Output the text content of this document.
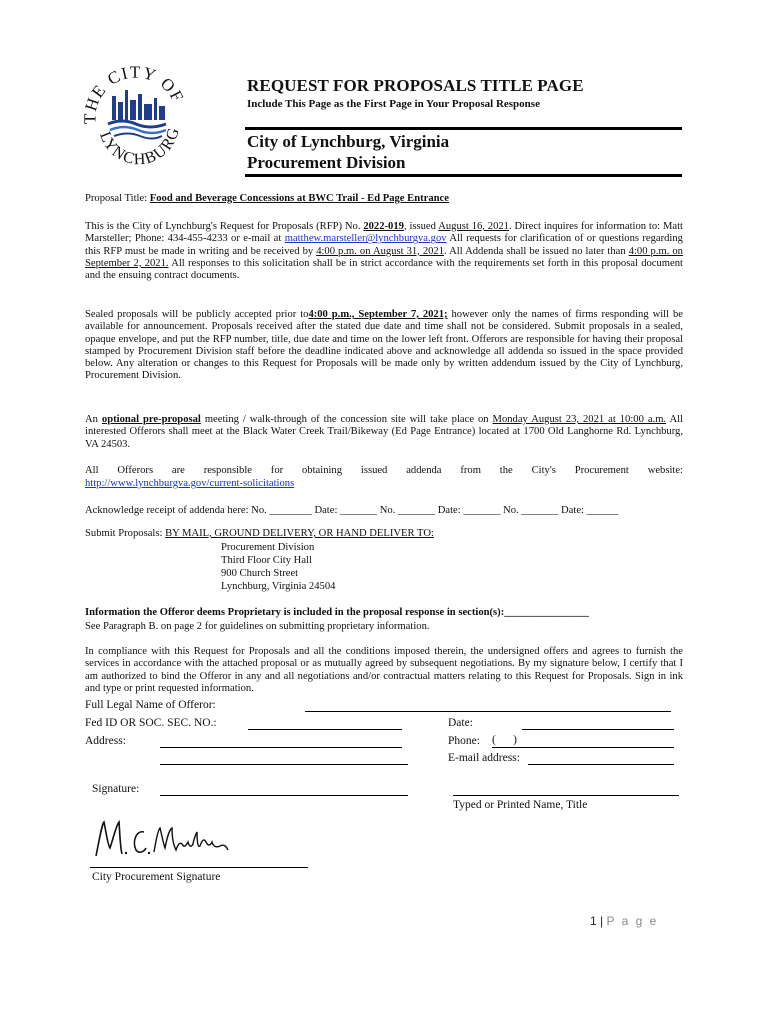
THE CITY OF
LYNCHBURG
REQUEST FOR PROPOSALS TITLE PAGE
Include This Page as the First Page in Your Proposal Response
City of Lynchburg, Virginia
Procurement Division
Proposal Title: Food and Beverage Concessions at BWC Trail - Ed Page Entrance
This is the City of Lynchburg's Request for Proposals (RFP) No. 2022-019, issued August 16, 2021. Direct inquires for information to: Matt Marsteller; Phone: 434-455-4233 or e-mail at matthew.marsteller@lynchburgva.gov All requests for clarification of or questions regarding this RFP must be made in writing and be received by 4:00 p.m. on August 31, 2021. All Addenda shall be issued no later than 4:00 p.m. on September 2, 2021. All responses to this solicitation shall be in strict accordance with the requirements set forth in this proposal document and the ensuing contract documents.
Sealed proposals will be publicly accepted prior to4:00 p.m., September 7, 2021; however only the names of firms responding will be available for announcement. Proposals received after the stated due date and time shall not be considered. Submit proposals in a sealed, opaque envelope, and put the RFP number, title, due date and time on the lower left front. Offerors are responsible for having their proposal stamped by Procurement Division staff before the deadline indicated above and acknowledge all addenda so issued in the space provided below. Any alteration or changes to this Request for Proposals will be made only by written addendum issued by the City of Lynchburg, Procurement Division.
An optional pre-proposal meeting / walk-through of the concession site will take place on Monday August 23, 2021 at 10:00 a.m. All interested Offerors shall meet at the Black Water Creek Trail/Bikeway (Ed Page Entrance) located at 1700 Old Langhorne Rd. Lynchburg, VA 24503.
All Offerors are responsible for obtaining issued addenda from the City's Procurement website:
http://www.lynchburgva.gov/current-solicitations
Acknowledge receipt of addenda here: No. ________ Date: _______ No. _______ Date: _______ No. _______ Date: ______
Submit Proposals: BY MAIL, GROUND DELIVERY, OR HAND DELIVER TO:
Procurement Division
Third Floor City Hall
900 Church Street
Lynchburg, Virginia 24504
Information the Offeror deems Proprietary is included in the proposal response in section(s):________________
See Paragraph B. on page 2 for guidelines on submitting proprietary information.
In compliance with this Request for Proposals and all the conditions imposed therein, the undersigned offers and agrees to furnish the services in accordance with the attached proposal or as mutually agreed by subsequent negotiations. By my signature below, I certify that I am authorized to bind the Offeror in any and all negotiations and/or contractual matters relating to this Request for Proposals. Sign in ink and type or print requested information.
Full Legal Name of Offeror:
Fed ID OR SOC. SEC. NO.:	Date:
Address:	Phone: (      )
E-mail address:
Signature:
Typed or Printed Name, Title
City Procurement Signature
1 | P a g e
